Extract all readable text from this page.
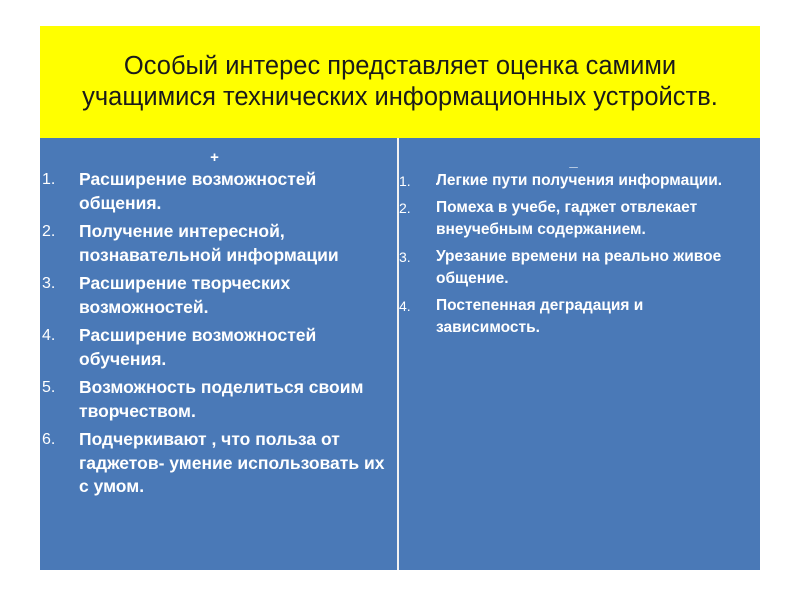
Особый интерес представляет оценка самими учащимися технических информационных устройств.
+
1.	Расширение возможностей общения.
2.	Получение интересной, познавательной информации
3.	Расширение творческих возможностей.
4.	Расширение возможностей обучения.
5.	Возможность поделиться своим творчеством.
6.	Подчеркивают , что польза от гаджетов- умение использовать их с умом.
_
1.	Легкие пути получения информации.
2.	Помеха в учебе, гаджет отвлекает внеучебным содержанием.
3.	Урезание времени на реально живое общение.
4.	Постепенная деградация и зависимость.
